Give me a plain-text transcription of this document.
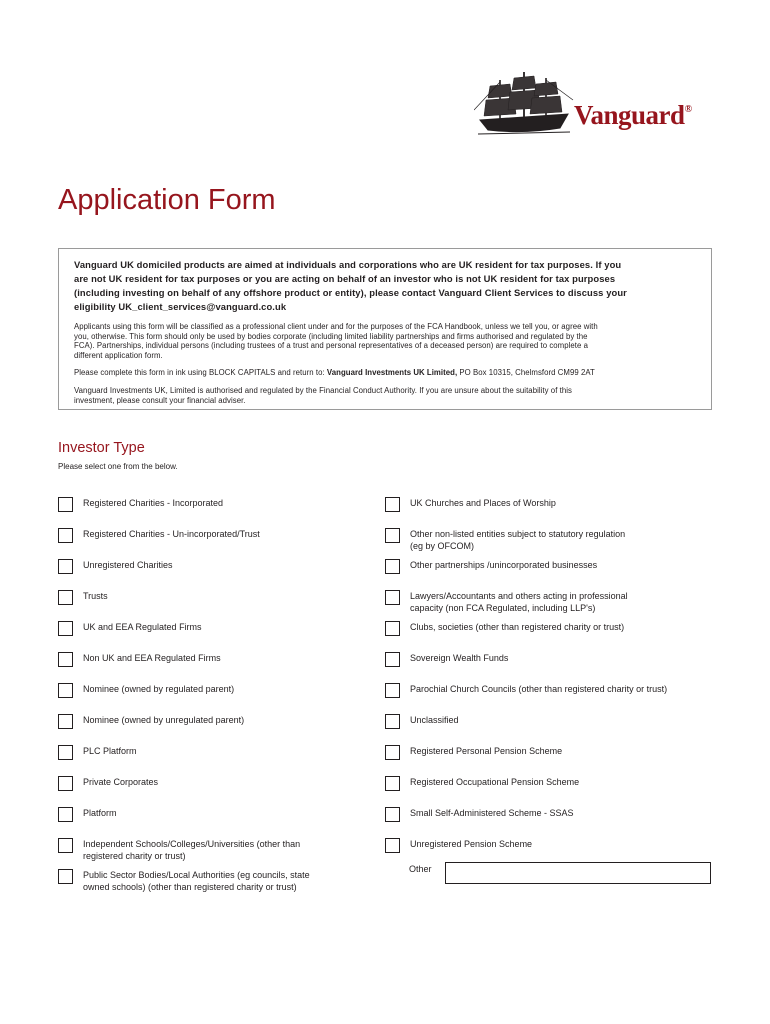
Vanguard®
Application Form
Vanguard UK domiciled products are aimed at individuals and corporations who are UK resident for tax purposes. If you
are not UK resident for tax purposes or you are acting on behalf of an investor who is not UK resident for tax purposes
(including investing on behalf of any offshore product or entity), please contact Vanguard Client Services to discuss your
eligibility UK_client_services@vanguard.co.uk

Applicants using this form will be classified as a professional client under and for the purposes of the FCA Handbook, unless we tell you, or agree with
you, otherwise. This form should only be used by bodies corporate (including limited liability partnerships and firms authorised and regulated by the
FCA). Partnerships, individual persons (including trustees of a trust and personal representatives of a deceased person) are required to complete a
different application form.

Please complete this form in ink using BLOCK CAPITALS and return to: Vanguard Investments UK Limited, PO Box 10315, Chelmsford CM99 2AT

Vanguard Investments UK, Limited is authorised and regulated by the Financial Conduct Authority. If you are unsure about the suitability of this
investment, please consult your financial adviser.

Investor Type
Please select one from the below.
Registered Charities - Incorporated
Registered Charities - Un-incorporated/Trust
Unregistered Charities
Trusts
UK and EEA Regulated Firms
Non UK and EEA Regulated Firms
Nominee (owned by regulated parent)
Nominee (owned by unregulated parent)
PLC Platform
Private Corporates
Platform
Independent Schools/Colleges/Universities (other than
registered charity or trust)
Public Sector Bodies/Local Authorities (eg councils, state
owned schools) (other than registered charity or trust)
UK Churches and Places of Worship
Other non-listed entities subject to statutory regulation
(eg by OFCOM)
Other partnerships /unincorporated businesses
Lawyers/Accountants and others acting in professional
capacity (non FCA Regulated, including LLP's)
Clubs, societies (other than registered charity or trust)
Sovereign Wealth Funds
Parochial Church Councils (other than registered charity or trust)
Unclassified
Registered Personal Pension Scheme
Registered Occupational Pension Scheme
Small Self-Administered Scheme - SSAS
Unregistered Pension Scheme
Other
